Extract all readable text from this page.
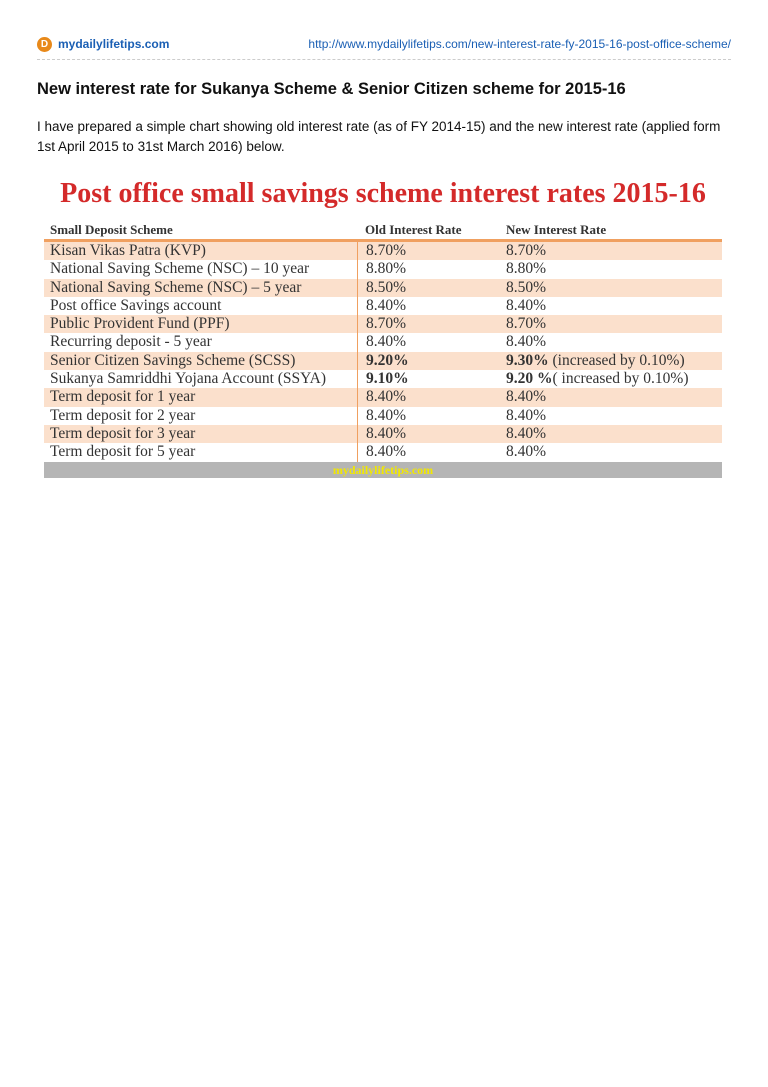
D mydailylifetips.com	http://www.mydailylifetips.com/new-interest-rate-fy-2015-16-post-office-scheme/
New interest rate for Sukanya Scheme & Senior Citizen scheme for 2015-16

I have prepared a simple chart showing old interest rate (as of FY 2014-15) and the new interest rate (applied form 1st April 2015 to 31st March 2016) below.

Post office small savings scheme interest rates 2015-16
Small Deposit Scheme	Old Interest Rate	New Interest Rate
Kisan Vikas Patra (KVP)	8.70%	8.70%
National Saving Scheme (NSC) – 10 year	8.80%	8.80%
National Saving Scheme (NSC) – 5 year	8.50%	8.50%
Post office Savings account	8.40%	8.40%
Public Provident Fund (PPF)	8.70%	8.70%
Recurring deposit - 5 year	8.40%	8.40%
Senior Citizen Savings Scheme (SCSS)	9.20%	9.30% (increased by 0.10%)
Sukanya Samriddhi Yojana Account (SSYA)	9.10%	9.20 %( increased by 0.10%)
Term deposit for 1 year	8.40%	8.40%
Term deposit for 2 year	8.40%	8.40%
Term deposit for 3 year	8.40%	8.40%
Term deposit for 5 year	8.40%	8.40%
mydailylifetips.com
